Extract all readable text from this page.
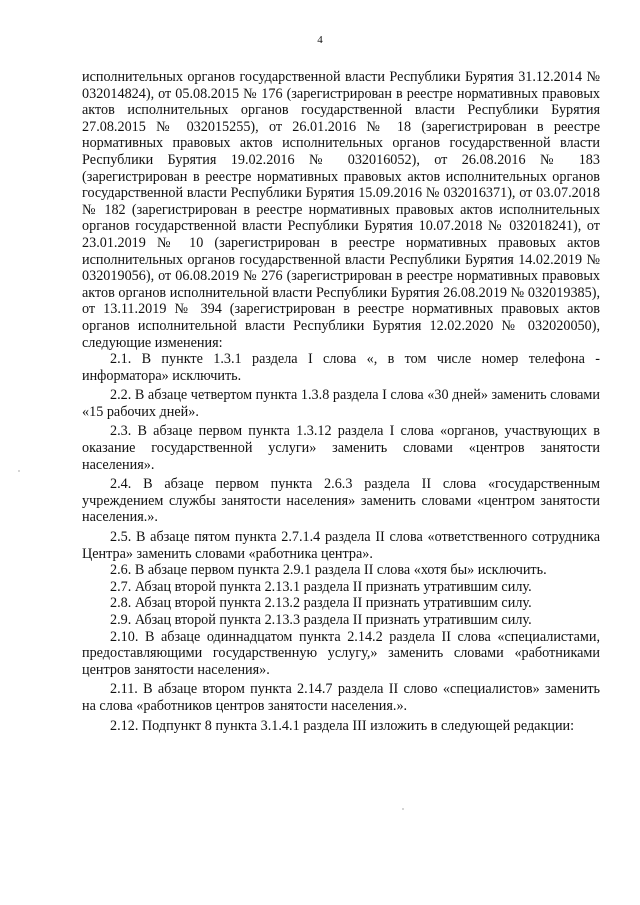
4

исполнительных органов государственной власти Республики Бурятия 31.12.2014 № 032014824), от 05.08.2015 № 176 (зарегистрирован в реестре нормативных правовых актов исполнительных органов государственной власти Республики Бурятия 27.08.2015 № 032015255), от 26.01.2016 № 18 (зарегистрирован в реестре нормативных правовых актов исполнительных органов государственной власти Республики Бурятия 19.02.2016 № 032016052), от 26.08.2016 № 183 (зарегистрирован в реестре нормативных правовых актов исполнительных органов государственной власти Республики Бурятия 15.09.2016 № 032016371), от 03.07.2018 № 182 (зарегистрирован в реестре нормативных правовых актов исполнительных органов государственной власти Республики Бурятия 10.07.2018 № 032018241), от 23.01.2019 № 10 (зарегистрирован в реестре нормативных правовых актов исполнительных органов государственной власти Республики Бурятия 14.02.2019 № 032019056), от 06.08.2019 № 276 (зарегистрирован в реестре нормативных правовых актов органов исполнительной власти Республики Бурятия 26.08.2019 № 032019385), от 13.11.2019 № 394 (зарегистрирован в реестре нормативных правовых актов органов исполнительной власти Республики Бурятия 12.02.2020 № 032020050), следующие изменения:

2.1. В пункте 1.3.1 раздела I слова «, в том числе номер телефона - информатора» исключить.

2.2. В абзаце четвертом пункта 1.3.8 раздела I слова «30 дней» заменить словами «15 рабочих дней».

2.3. В абзаце первом пункта 1.3.12 раздела I слова «органов, участвующих в оказание государственной услуги» заменить словами «центров занятости населения».

2.4. В абзаце первом пункта 2.6.3 раздела II слова «государственным учреждением службы занятости населения» заменить словами «центром занятости населения.».

2.5. В абзаце пятом пункта 2.7.1.4 раздела II слова «ответственного сотрудника Центра» заменить словами «работника центра».

2.6. В абзаце первом пункта 2.9.1 раздела II слова «хотя бы» исключить.

2.7. Абзац второй пункта 2.13.1 раздела II признать утратившим силу.

2.8. Абзац второй пункта 2.13.2 раздела II признать утратившим силу.

2.9. Абзац второй пункта 2.13.3 раздела II признать утратившим силу.

2.10. В абзаце одиннадцатом пункта 2.14.2 раздела II слова «специалистами, предоставляющими государственную услугу,» заменить словами «работниками центров занятости населения».

2.11. В абзаце втором пункта 2.14.7 раздела II слово «специалистов» заменить на слова «работников центров занятости населения.».

2.12. Подпункт 8 пункта 3.1.4.1 раздела III изложить в следующей редакции:
